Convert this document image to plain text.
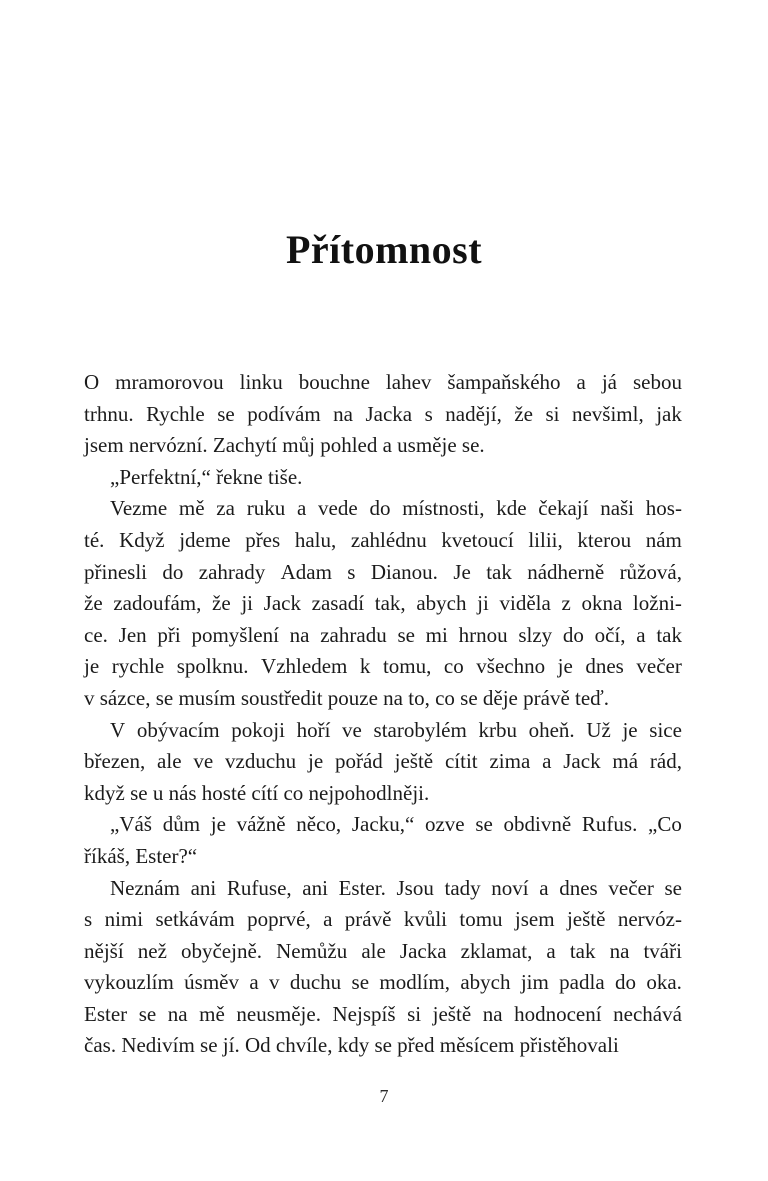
Přítomnost
O mramorovou linku bouchne lahev šampaňského a já sebou
trhnu. Rychle se podívám na Jacka s nadějí, že si nevšiml, jak
jsem nervózní. Zachytí můj pohled a usměje se.
„Perfektní,“ řekne tiše.
Vezme mě za ruku a vede do místnosti, kde čekají naši hos-
té. Když jdeme přes halu, zahlédnu kvetoucí lilii, kterou nám
přinesli do zahrady Adam s Dianou. Je tak nádherně růžová,
že zadoufám, že ji Jack zasadí tak, abych ji viděla z okna ložni-
ce. Jen při pomyšlení na zahradu se mi hrnou slzy do očí, a tak
je rychle spolknu. Vzhledem k tomu, co všechno je dnes večer
v sázce, se musím soustředit pouze na to, co se děje právě teď.
V obývacím pokoji hoří ve starobylém krbu oheň. Už je sice
březen, ale ve vzduchu je pořád ještě cítit zima a Jack má rád,
když se u nás hosté cítí co nejpohodlněji.
„Váš dům je vážně něco, Jacku,“ ozve se obdivně Rufus. „Co
říkáš, Ester?“
Neznám ani Rufuse, ani Ester. Jsou tady noví a dnes večer se
s nimi setkávám poprvé, a právě kvůli tomu jsem ještě nervóz-
nější než obyčejně. Nemůžu ale Jacka zklamat, a tak na tváři
vykouzlím úsměv a v duchu se modlím, abych jim padla do oka.
Ester se na mě neusměje. Nejspíš si ještě na hodnocení nechává
čas. Nedivím se jí. Od chvíle, kdy se před měsícem přistěhovali
7
